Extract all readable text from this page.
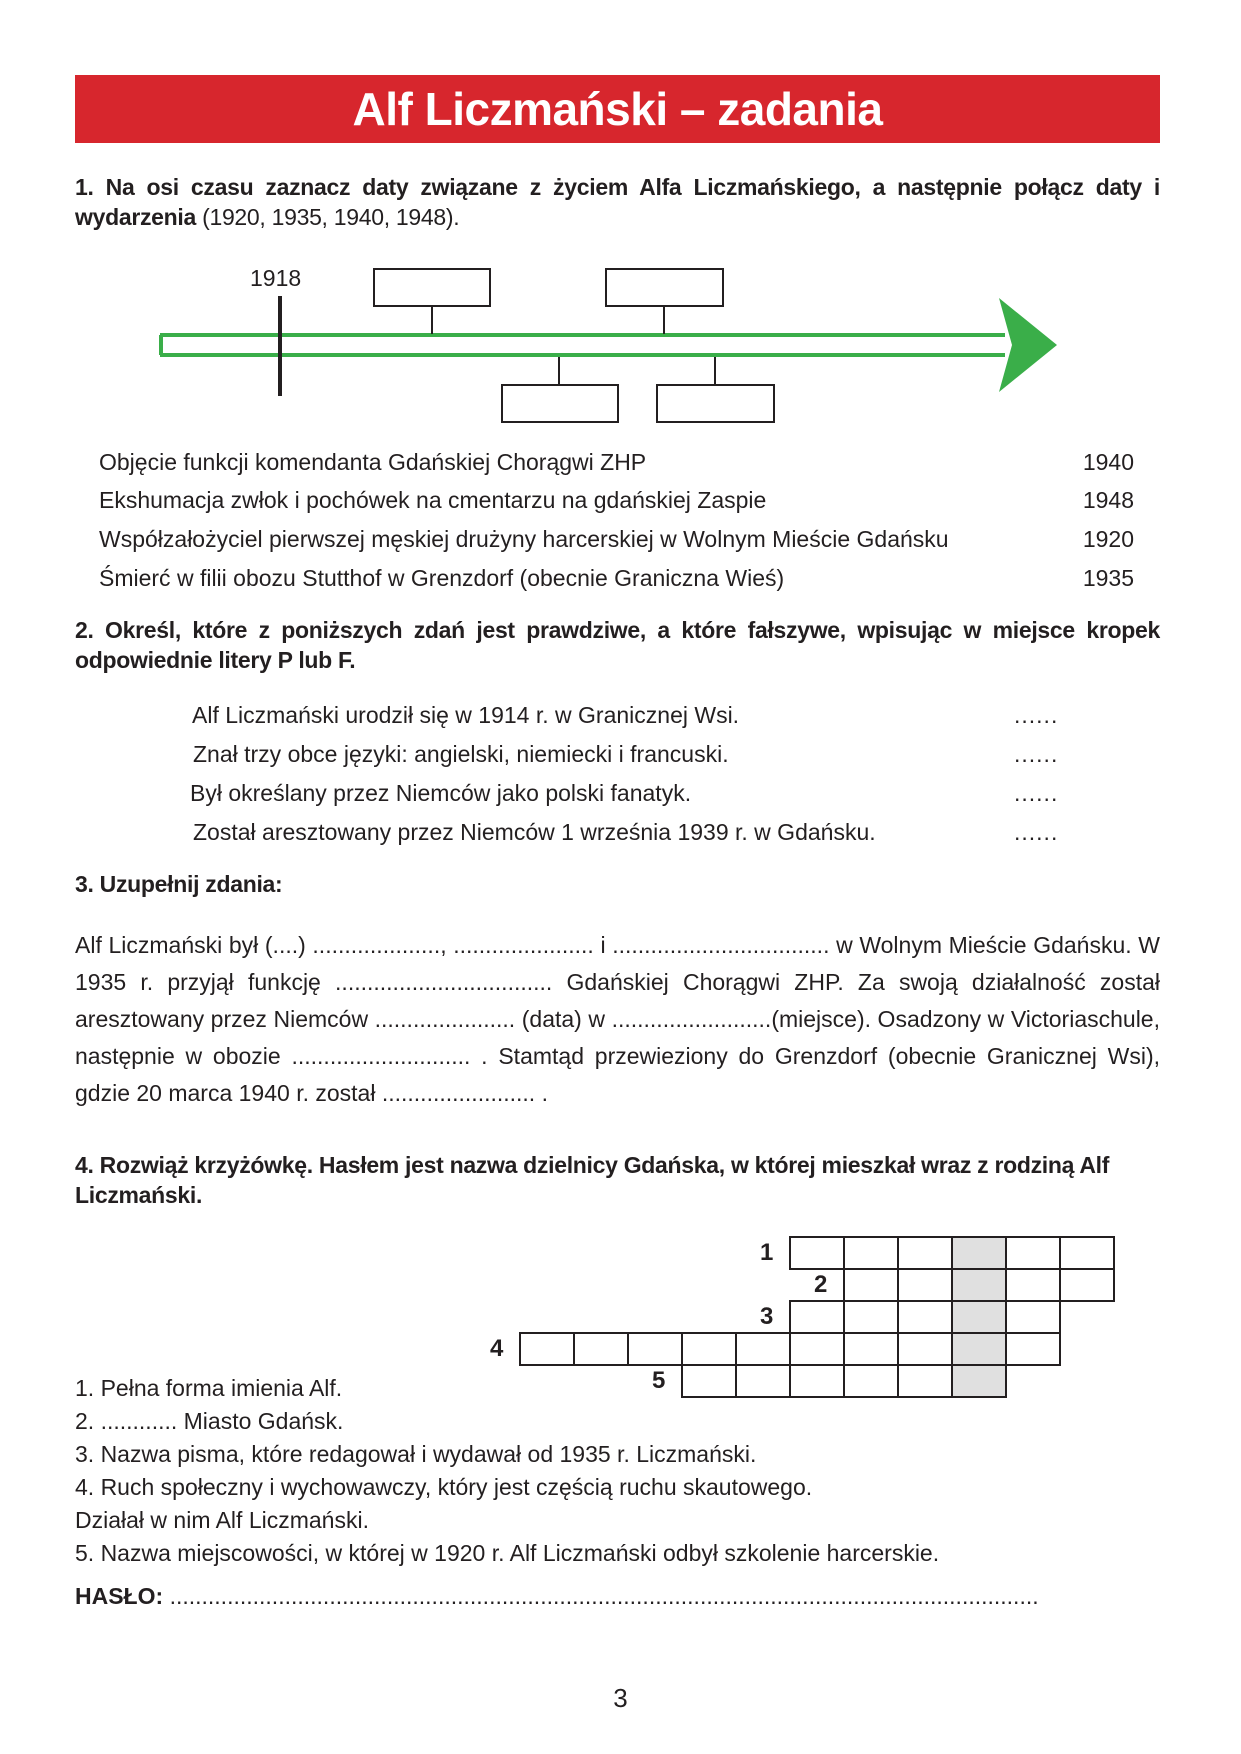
Alf Liczmański – zadania
1. Na osi czasu zaznacz daty związane z życiem Alfa Liczmańskiego, a następnie połącz daty i wydarzenia (1920, 1935, 1940, 1948).
1918
Objęcie funkcji komendanta Gdańskiej Chorągwi ZHP	1940
Ekshumacja zwłok i pochówek na cmentarzu na gdańskiej Zaspie	1948
Współzałożyciel pierwszej męskiej drużyny harcerskiej w Wolnym Mieście Gdańsku	1920
Śmierć w filii obozu Stutthof w Grenzdorf (obecnie Graniczna Wieś)	1935
2. Określ, które z poniższych zdań jest prawdziwe, a które fałszywe, wpisując w miejsce kropek odpowiednie litery P lub F.
Alf Liczmański urodził się w 1914 r. w Granicznej Wsi.	......
Znał trzy obce języki: angielski, niemiecki i francuski.	......
Był określany przez Niemców jako polski fanatyk.	......
Został aresztowany przez Niemców 1 września 1939 r. w Gdańsku.	......
3. Uzupełnij zdania:
Alf Liczmański był (....) ...................., ...................... i .................................. w Wolnym Mieście Gdańsku. W 1935 r. przyjął funkcję .................................. Gdańskiej Chorągwi ZHP. Za swoją działalność został aresztowany przez Niemców ...................... (data) w .........................(miejsce). Osadzony w Victoriaschule, następnie w obozie ............................ . Stamtąd przewieziony do Grenzdorf (obecnie Granicznej Wsi), gdzie 20 marca 1940 r. został ........................ .
4. Rozwiąż krzyżówkę. Hasłem jest nazwa dzielnicy Gdańska, w której mieszkał wraz z rodziną Alf Liczmański.
1
2
3
4
5
1. Pełna forma imienia Alf.
2. ............ Miasto Gdańsk.
3. Nazwa pisma, które redagował i wydawał od 1935 r. Liczmański.
4. Ruch społeczny i wychowawczy, który jest częścią ruchu skautowego.
Działał w nim Alf Liczmański.
5. Nazwa miejscowości, w której w 1920 r. Alf Liczmański odbył szkolenie harcerskie.
HASŁO: ........................................................................................................................................
3
